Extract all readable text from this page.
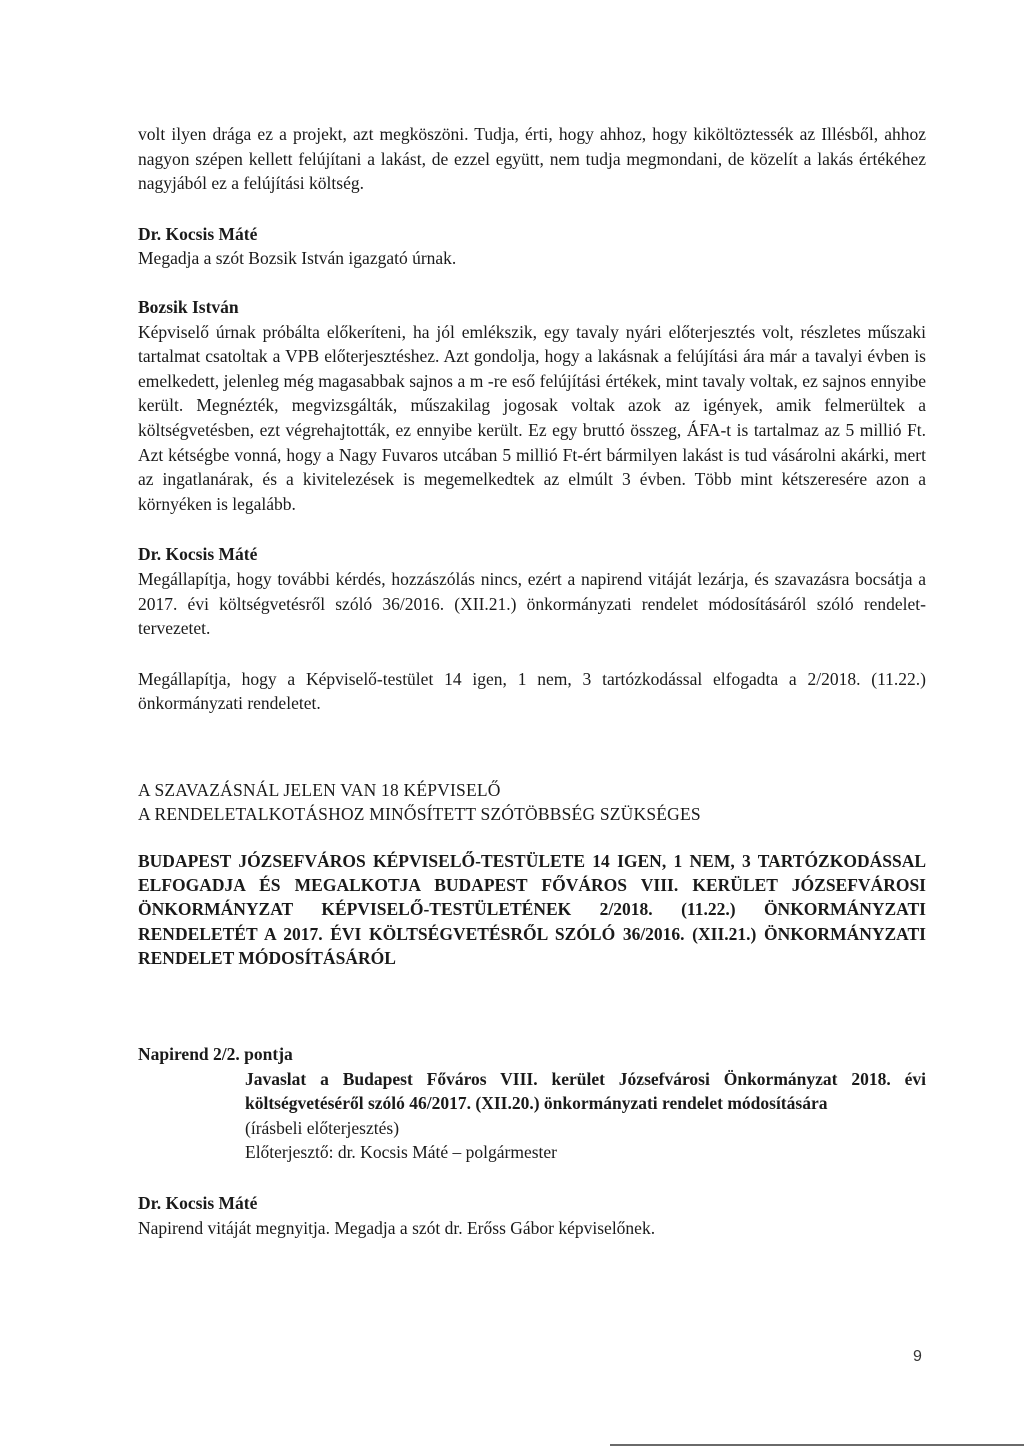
volt ilyen drága ez a projekt, azt megköszöni. Tudja, érti, hogy ahhoz, hogy kiköltöztessék az Illésből, ahhoz nagyon szépen kellett felújítani a lakást, de ezzel együtt, nem tudja megmondani, de közelít a lakás értékéhez nagyjából ez a felújítási költség.

Dr. Kocsis Máté

Megadja a szót Bozsik István igazgató úrnak.

Bozsik István

Képviselő úrnak próbálta előkeríteni, ha jól emlékszik, egy tavaly nyári előterjesztés volt, részletes műszaki tartalmat csatoltak a VPB előterjesztéshez. Azt gondolja, hogy a lakásnak a felújítási ára már a tavalyi évben is emelkedett, jelenleg még magasabbak sajnos a m -re eső felújítási értékek, mint tavaly voltak, ez sajnos ennyibe került. Megnézték, megvizsgálták, műszakilag jogosak voltak azok az igények, amik felmerültek a költségvetésben, ezt végrehajtották, ez ennyibe került. Ez egy bruttó összeg, ÁFA-t is tartalmaz az 5 millió Ft. Azt kétségbe vonná, hogy a Nagy Fuvaros utcában 5 millió Ft-ért bármilyen lakást is tud vásárolni akárki, mert az ingatlanárak, és a kivitelezések is megemelkedtek az elmúlt 3 évben. Több mint kétszeresére azon a környéken is legalább.

Dr. Kocsis Máté

Megállapítja, hogy további kérdés, hozzászólás nincs, ezért a napirend vitáját lezárja, és szavazásra bocsátja a 2017. évi költségvetésről szóló 36/2016. (XII.21.) önkormányzati rendelet módosításáról szóló rendelet-tervezetet.

Megállapítja, hogy a Képviselő-testület 14 igen, 1 nem, 3 tartózkodással elfogadta a 2/2018. (11.22.) önkormányzati rendeletet.

A SZAVAZÁSNÁL JELEN VAN 18 KÉPVISELŐ

A RENDELETALKOTÁSHOZ MINŐSÍTETT SZÓTÖBBSÉG SZÜKSÉGES

BUDAPEST JÓZSEFVÁROS KÉPVISELŐ-TESTÜLETE 14 IGEN, 1 NEM, 3 TARTÓZKODÁSSAL ELFOGADJA ÉS MEGALKOTJA BUDAPEST FŐVÁROS VIII. KERÜLET JÓZSEFVÁROSI ÖNKORMÁNYZAT KÉPVISELŐ-TESTÜLETÉNEK 2/2018. (11.22.) ÖNKORMÁNYZATI RENDELETÉT A 2017. ÉVI KÖLTSÉGVETÉSRŐL SZÓLÓ 36/2016. (XII.21.) ÖNKORMÁNYZATI RENDELET MÓDOSÍTÁSÁRÓL

Napirend 2/2. pontja

Javaslat a Budapest Főváros VIII. kerület Józsefvárosi Önkormányzat 2018. évi költségvetéséről szóló 46/2017. (XII.20.) önkormányzati rendelet módosítására

(írásbeli előterjesztés)

Előterjesztő: dr. Kocsis Máté – polgármester

Dr. Kocsis Máté

Napirend vitáját megnyitja. Megadja a szót dr. Erőss Gábor képviselőnek.

9
